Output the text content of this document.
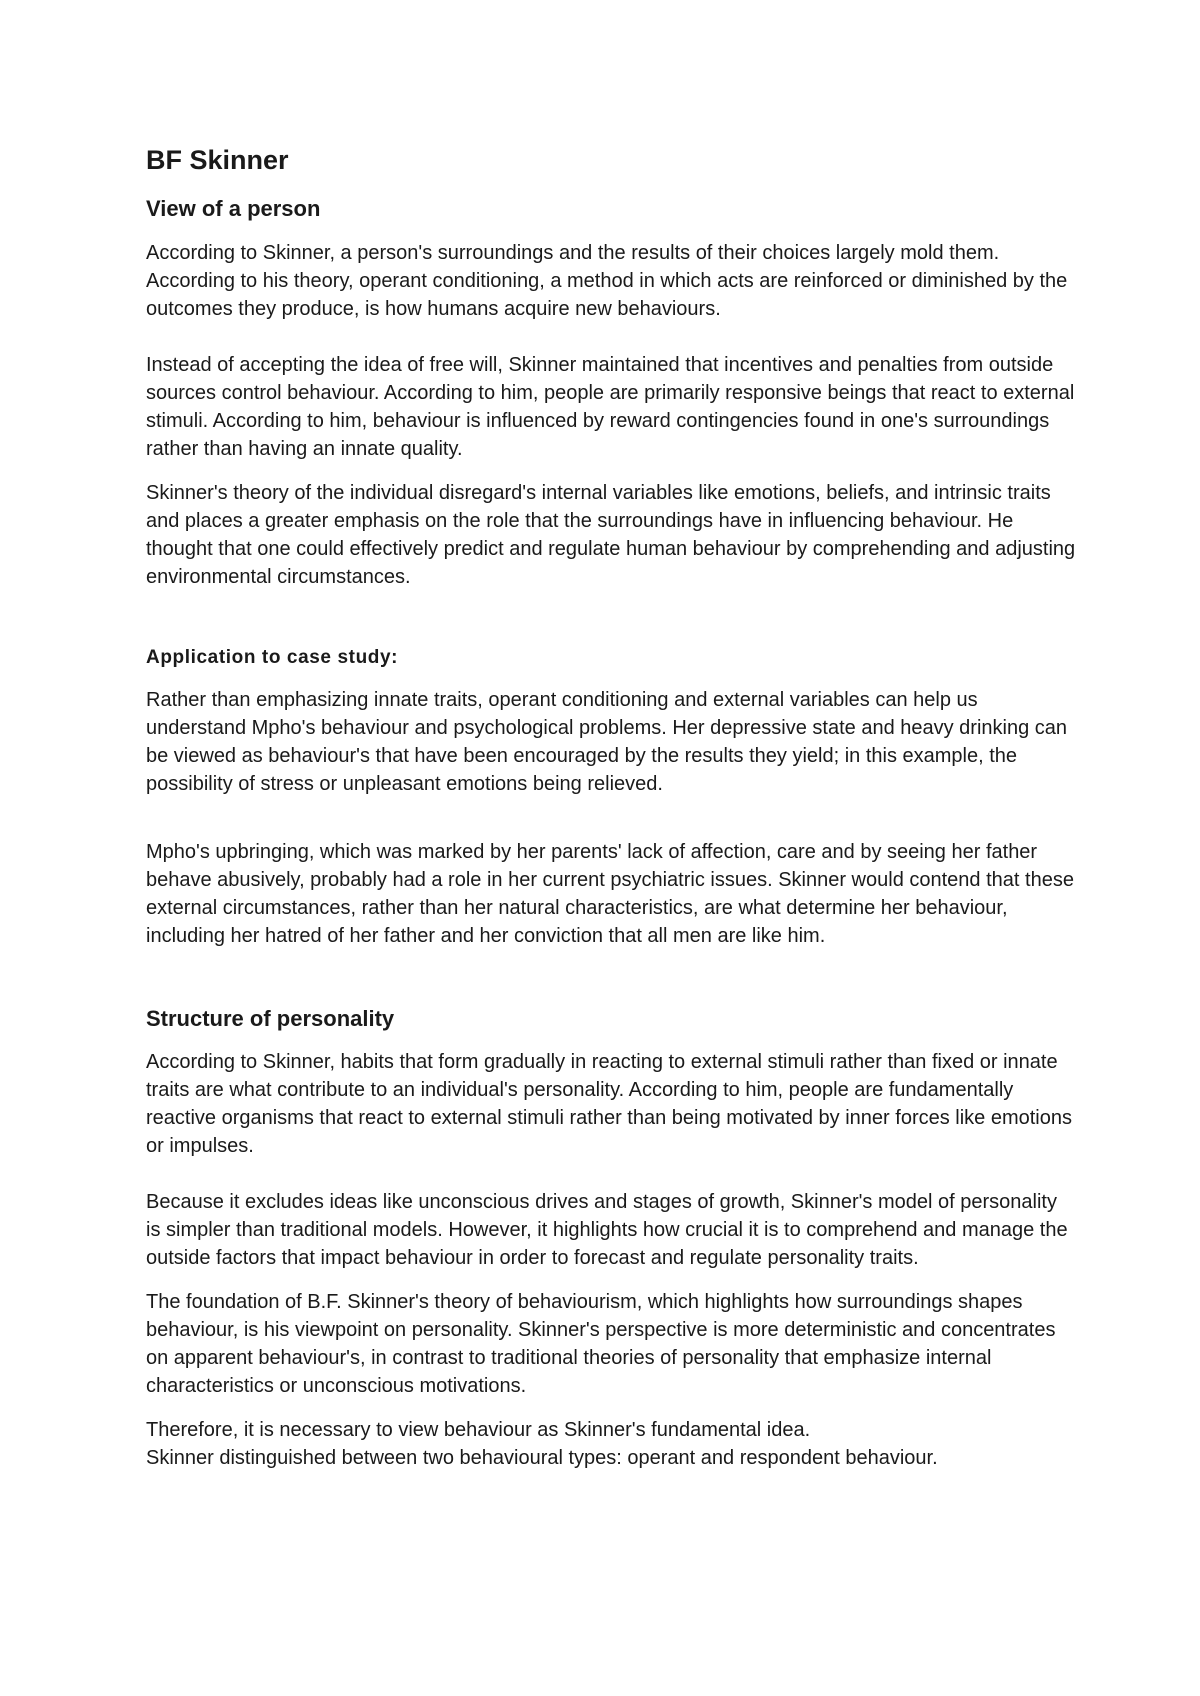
BF Skinner
View of a person

According to Skinner, a person's surroundings and the results of their choices largely mold them. According to his theory, operant conditioning, a method in which acts are reinforced or diminished by the outcomes they produce, is how humans acquire new behaviours.

Instead of accepting the idea of free will, Skinner maintained that incentives and penalties from outside sources control behaviour. According to him, people are primarily responsive beings that react to external stimuli. According to him, behaviour is influenced by reward contingencies found in one's surroundings rather than having an innate quality.

Skinner's theory of the individual disregard's internal variables like emotions, beliefs, and intrinsic traits and places a greater emphasis on the role that the surroundings have in influencing behaviour. He thought that one could effectively predict and regulate human behaviour by comprehending and adjusting environmental circumstances.

Application to case study:

Rather than emphasizing innate traits, operant conditioning and external variables can help us understand Mpho's behaviour and psychological problems. Her depressive state and heavy drinking can be viewed as behaviour's that have been encouraged by the results they yield; in this example, the possibility of stress or unpleasant emotions being relieved.

Mpho's upbringing, which was marked by her parents' lack of affection, care and by seeing her father behave abusively, probably had a role in her current psychiatric issues. Skinner would contend that these external circumstances, rather than her natural characteristics, are what determine her behaviour, including her hatred of her father and her conviction that all men are like him.

Structure of personality

According to Skinner, habits that form gradually in reacting to external stimuli rather than fixed or innate traits are what contribute to an individual's personality. According to him, people are fundamentally reactive organisms that react to external stimuli rather than being motivated by inner forces like emotions or impulses.

Because it excludes ideas like unconscious drives and stages of growth, Skinner's model of personality is simpler than traditional models. However, it highlights how crucial it is to comprehend and manage the outside factors that impact behaviour in order to forecast and regulate personality traits.

The foundation of B.F. Skinner's theory of behaviourism, which highlights how surroundings shapes behaviour, is his viewpoint on personality. Skinner's perspective is more deterministic and concentrates on apparent behaviour's, in contrast to traditional theories of personality that emphasize internal characteristics or unconscious motivations.

Therefore, it is necessary to view behaviour as Skinner's fundamental idea.

Skinner distinguished between two behavioural types: operant and respondent behaviour.
